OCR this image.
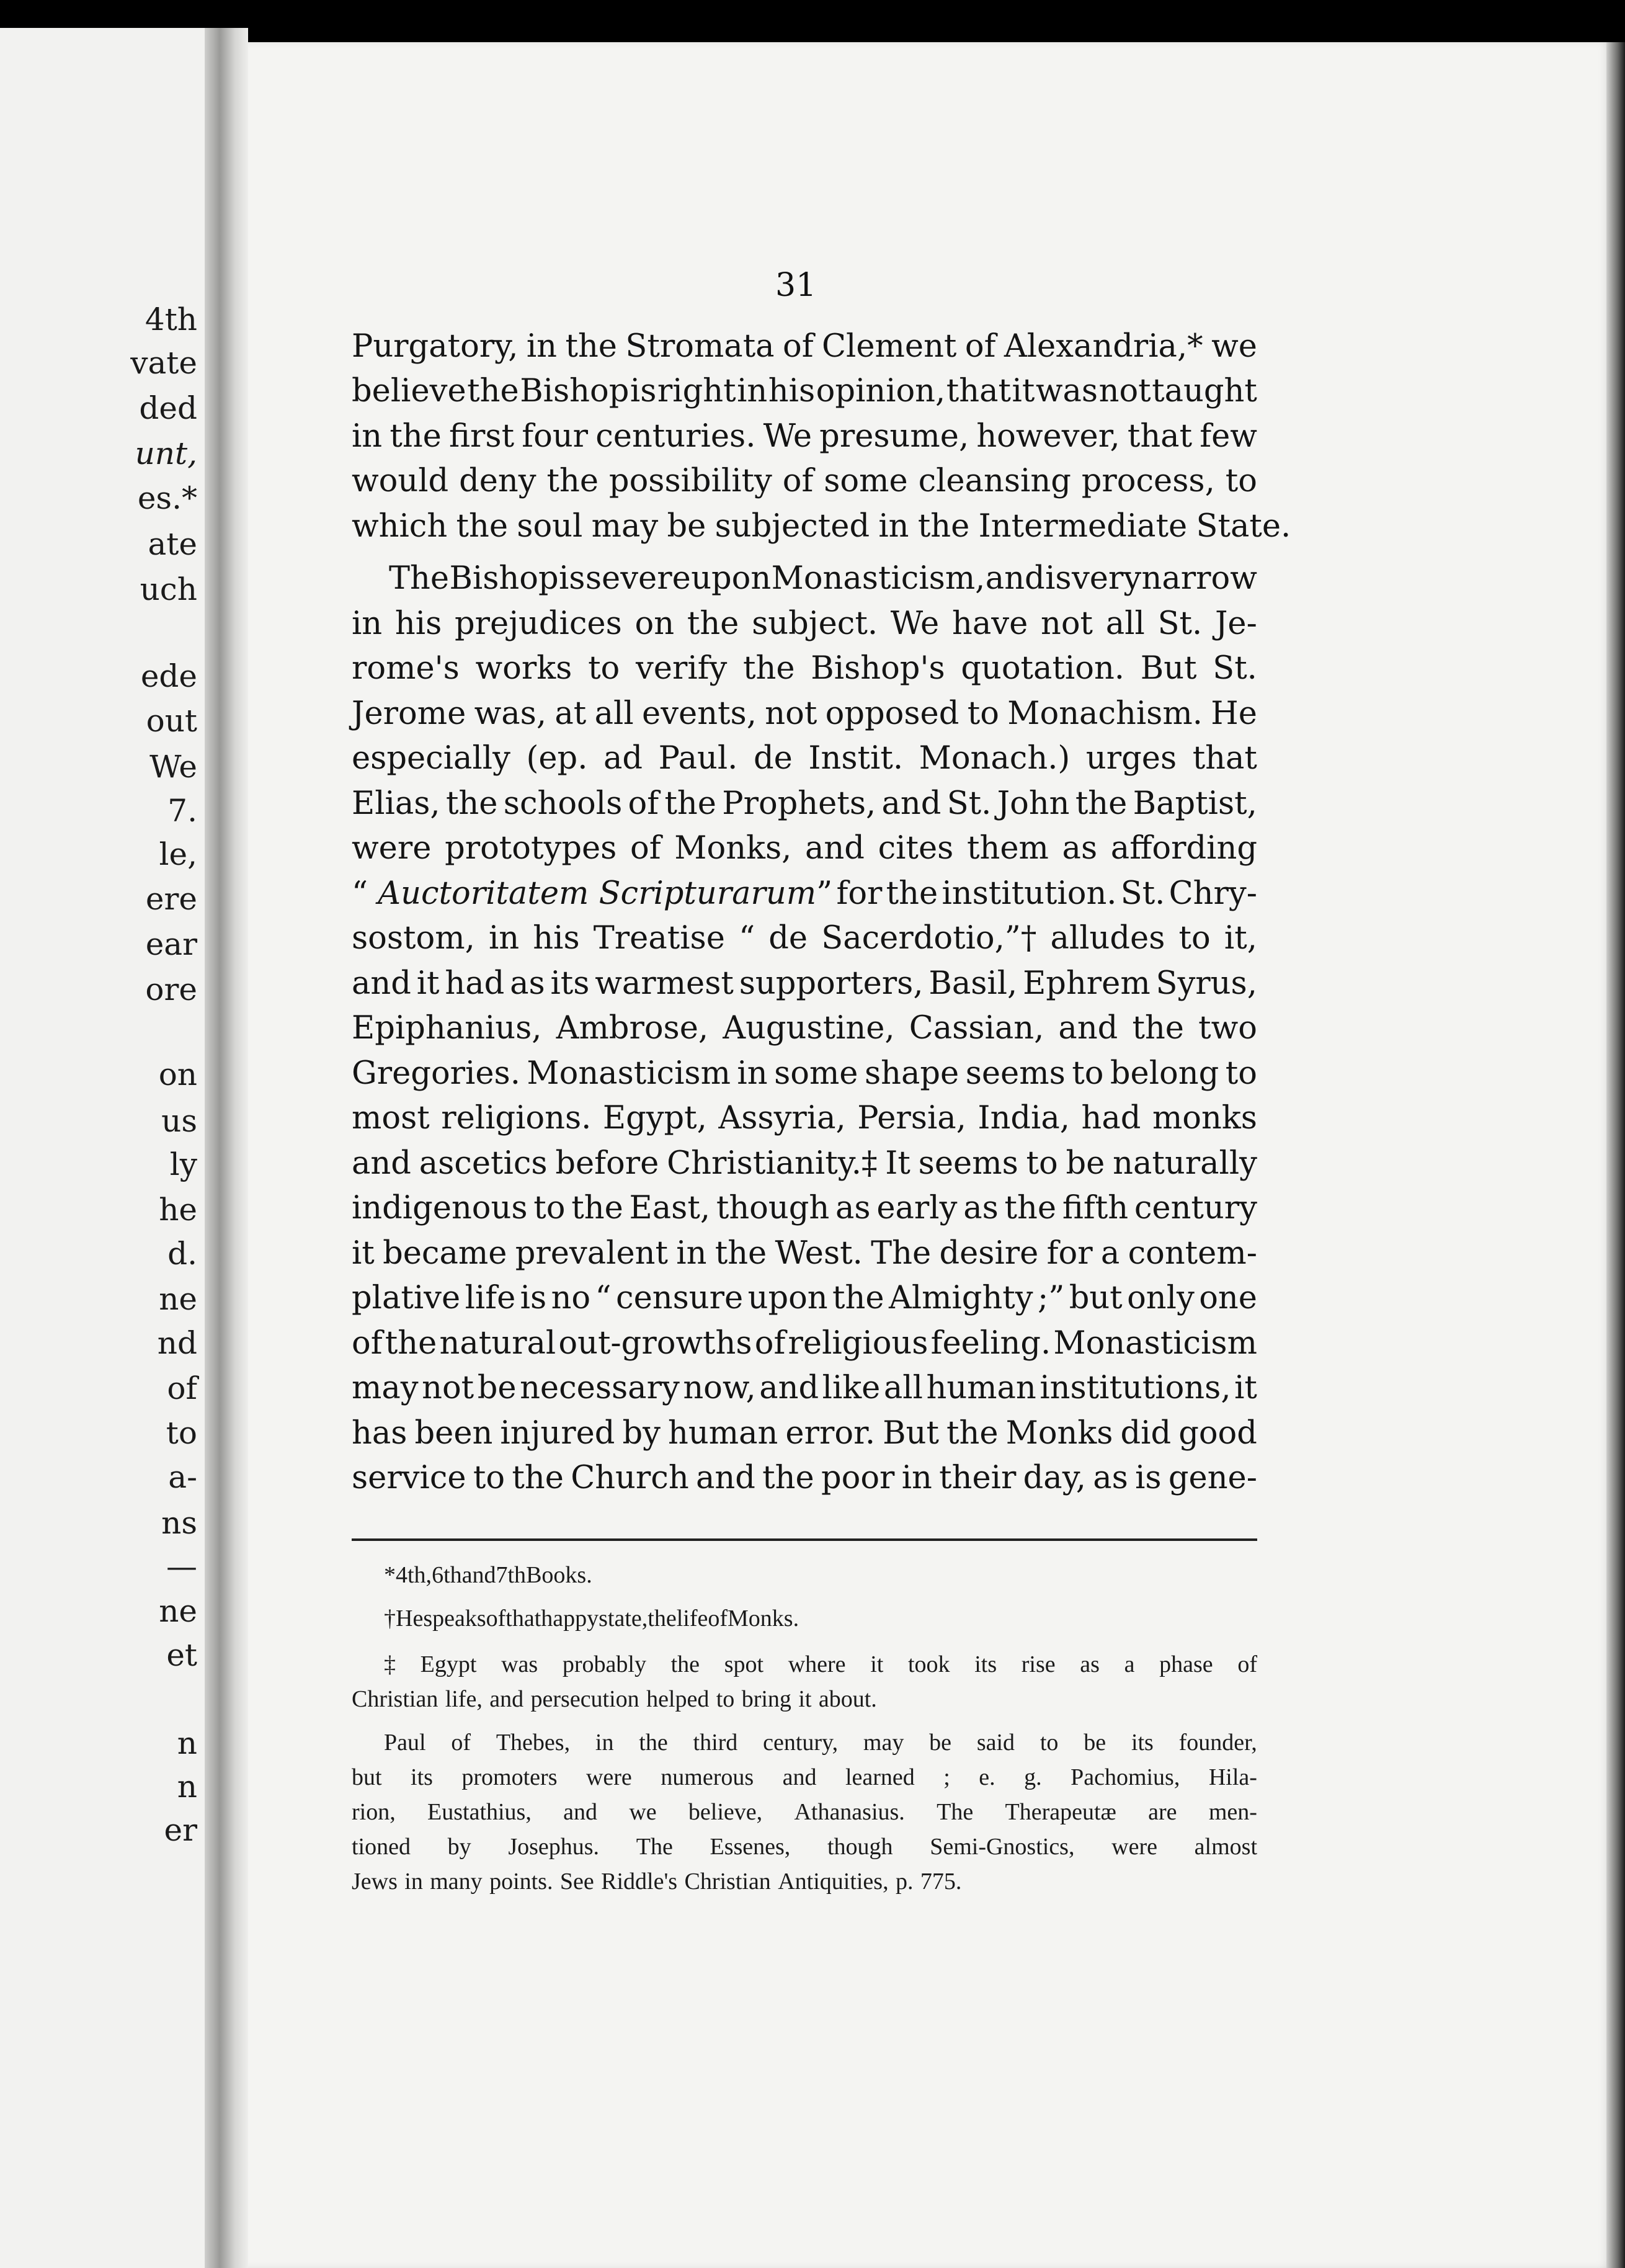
4th
vate
ded
unt,
es.*
ate
uch
ede
out
We
7.
le,
ere
ear
ore
on
us
ly
he
d.
ne
nd
of
to
a-
ns
—
ne
et
n
n
er
31
Purgatory, in the Stromata of Clement of Alexandria,* we
believe the Bishop is right in his opinion, that it was not taught
in the first four centuries. We presume, however, that few
would deny the possibility of some cleansing process, to
which the soul may be subjected in the Intermediate State.
The Bishop is severe upon Monasticism, and is very narrow
in his prejudices on the subject. We have not all St. Je-
rome's works to verify the Bishop's quotation. But St.
Jerome was, at all events, not opposed to Monachism. He
especially (ep. ad Paul. de Instit. Monach.) urges that
Elias, the schools of the Prophets, and St. John the Baptist,
were prototypes of Monks, and cites them as affording
“ Auctoritatem Scripturarum” for the institution. St. Chry-
sostom, in his Treatise “ de Sacerdotio,”† alludes to it,
and it had as its warmest supporters, Basil, Ephrem Syrus,
Epiphanius, Ambrose, Augustine, Cassian, and the two
Gregories. Monasticism in some shape seems to belong to
most religions. Egypt, Assyria, Persia, India, had monks
and ascetics before Christianity.‡ It seems to be naturally
indigenous to the East, though as early as the fifth century
it became prevalent in the West. The desire for a contem-
plative life is no “ censure upon the Almighty ;” but only one
of the natural out-growths of religious feeling. Monasticism
may not be necessary now, and like all human institutions, it
has been injured by human error. But the Monks did good
service to the Church and the poor in their day, as is gene-
* 4th, 6th and 7th Books.
† He speaks of that happy state, the life of Monks.
‡ Egypt was probably the spot where it took its rise as a phase of
Christian life, and persecution helped to bring it about.
Paul of Thebes, in the third century, may be said to be its founder,
but its promoters were numerous and learned ; e. g. Pachomius, Hila-
rion, Eustathius, and we believe, Athanasius. The Therapeutæ are men-
tioned by Josephus. The Essenes, though Semi-Gnostics, were almost
Jews in many points. See Riddle's Christian Antiquities, p. 775.
